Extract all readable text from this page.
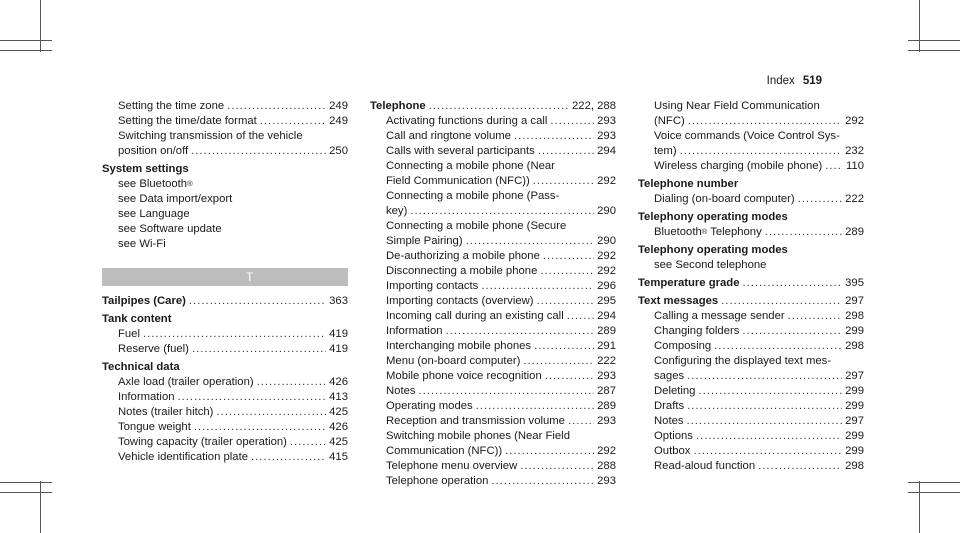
Index 519
Setting the time zone .....	249
Setting the time/date format .....	249
Switching transmission of the vehicle
position on/off .....	250
System settings
see Bluetooth®
see Data import/export
see Language
see Software update
see Wi-Fi
T
Tailpipes (Care) .....	363
Tank content
Fuel .....	419
Reserve (fuel) .....	419
Technical data
Axle load (trailer operation) .....	426
Information .....	413
Notes (trailer hitch) .....	425
Tongue weight .....	426
Towing capacity (trailer operation) .....	425
Vehicle identification plate .....	415
Telephone .....	222, 288
Activating functions during a call .....	293
Call and ringtone volume .....	293
Calls with several participants .....	294
Connecting a mobile phone (Near
Field Communication (NFC)) .....	292
Connecting a mobile phone (Pass-
key) .....	290
Connecting a mobile phone (Secure
Simple Pairing) .....	290
De-authorizing a mobile phone .....	292
Disconnecting a mobile phone .....	292
Importing contacts .....	296
Importing contacts (overview) .....	295
Incoming call during an existing call .....	294
Information .....	289
Interchanging mobile phones .....	291
Menu (on-board computer) .....	222
Mobile phone voice recognition .....	293
Notes .....	287
Operating modes .....	289
Reception and transmission volume .....	293
Switching mobile phones (Near Field
Communication (NFC)) .....	292
Telephone menu overview .....	288
Telephone operation .....	293
Using Near Field Communication
(NFC) .....	292
Voice commands (Voice Control Sys-
tem) .....	232
Wireless charging (mobile phone) ..... 110
Telephone number
Dialing (on-board computer) .....	222
Telephony operating modes
Bluetooth® Telephony .....	289
Telephony operating modes
see Second telephone
Temperature grade .....	395
Text messages .....	297
Calling a message sender .....	298
Changing folders .....	299
Composing .....	298
Configuring the displayed text mes-
sages .....	297
Deleting .....	299
Drafts .....	299
Notes .....	297
Options .....	299
Outbox .....	299
Read-aloud function .....	298
